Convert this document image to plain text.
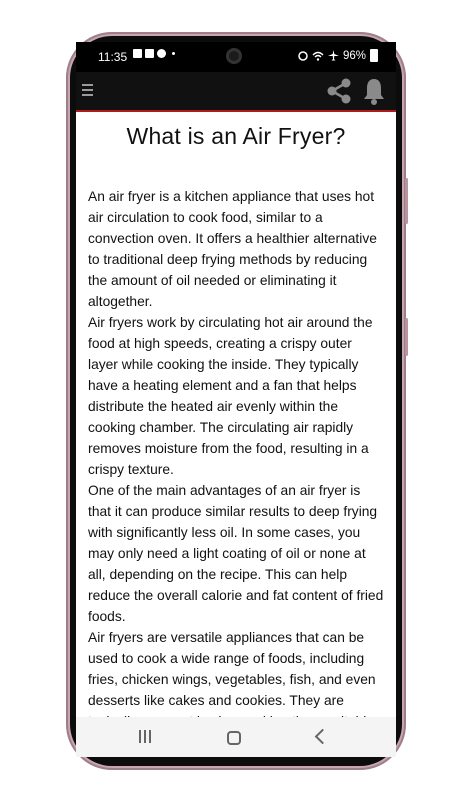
11:35	96%
What is an Air Fryer?

An air fryer is a kitchen appliance that uses hot air circulation to cook food, similar to a convection oven. It offers a healthier alternative to traditional deep frying methods by reducing the amount of oil needed or eliminating it altogether.

Air fryers work by circulating hot air around the food at high speeds, creating a crispy outer layer while cooking the inside. They typically have a heating element and a fan that helps distribute the heated air evenly within the cooking chamber. The circulating air rapidly removes moisture from the food, resulting in a crispy texture.

One of the main advantages of an air fryer is that it can produce similar results to deep frying with significantly less oil. In some cases, you may only need a light coating of oil or none at all, depending on the recipe. This can help reduce the overall calorie and fat content of fried foods.

Air fryers are versatile appliances that can be used to cook a wide range of foods, including fries, chicken wings, vegetables, fish, and even desserts like cakes and cookies. They are
